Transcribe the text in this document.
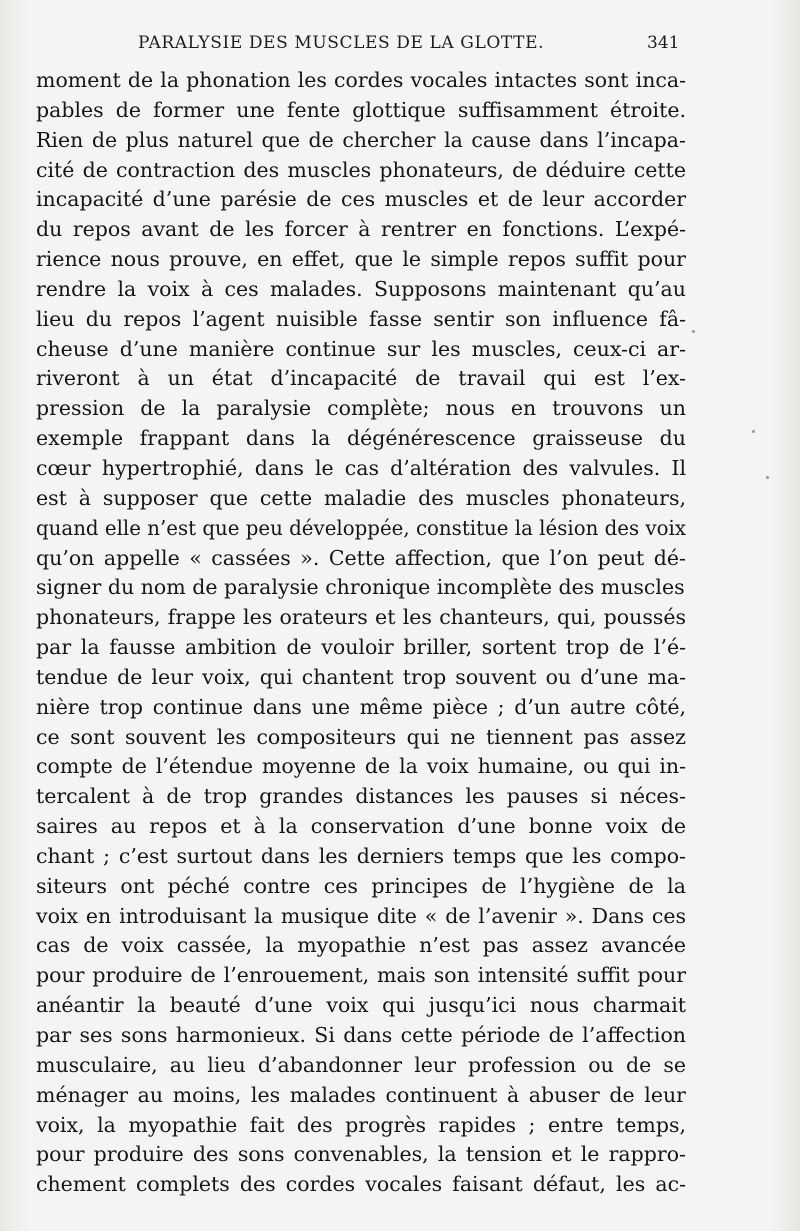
PARALYSIE DES MUSCLES DE LA GLOTTE.	341
moment de la phonation les cordes vocales intactes sont inca-
pables de former une fente glottique suffisamment étroite.
Rien de plus naturel que de chercher la cause dans l’incapa-
cité de contraction des muscles phonateurs, de déduire cette
incapacité d’une parésie de ces muscles et de leur accorder
du repos avant de les forcer à rentrer en fonctions. L’expé-
rience nous prouve, en effet, que le simple repos suffit pour
rendre la voix à ces malades. Supposons maintenant qu’au
lieu du repos l’agent nuisible fasse sentir son influence fâ-
cheuse d’une manière continue sur les muscles, ceux-ci ar-
riveront à un état d’incapacité de travail qui est l’ex-
pression de la paralysie complète; nous en trouvons un
exemple frappant dans la dégénérescence graisseuse du
cœur hypertrophié, dans le cas d’altération des valvules. Il
est à supposer que cette maladie des muscles phonateurs,
quand elle n’est que peu développée, constitue la lésion des voix
qu’on appelle « cassées ». Cette affection, que l’on peut dé-
signer du nom de paralysie chronique incomplète des muscles
phonateurs, frappe les orateurs et les chanteurs, qui, poussés
par la fausse ambition de vouloir briller, sortent trop de l’é-
tendue de leur voix, qui chantent trop souvent ou d’une ma-
nière trop continue dans une même pièce ; d’un autre côté,
ce sont souvent les compositeurs qui ne tiennent pas assez
compte de l’étendue moyenne de la voix humaine, ou qui in-
tercalent à de trop grandes distances les pauses si néces-
saires au repos et à la conservation d’une bonne voix de
chant ; c’est surtout dans les derniers temps que les compo-
siteurs ont péché contre ces principes de l’hygiène de la
voix en introduisant la musique dite « de l’avenir ». Dans ces
cas de voix cassée, la myopathie n’est pas assez avancée
pour produire de l’enrouement, mais son intensité suffit pour
anéantir la beauté d’une voix qui jusqu’ici nous charmait
par ses sons harmonieux. Si dans cette période de l’affection
musculaire, au lieu d’abandonner leur profession ou de se
ménager au moins, les malades continuent à abuser de leur
voix, la myopathie fait des progrès rapides ; entre temps,
pour produire des sons convenables, la tension et le rappro-
chement complets des cordes vocales faisant défaut, les ac-
